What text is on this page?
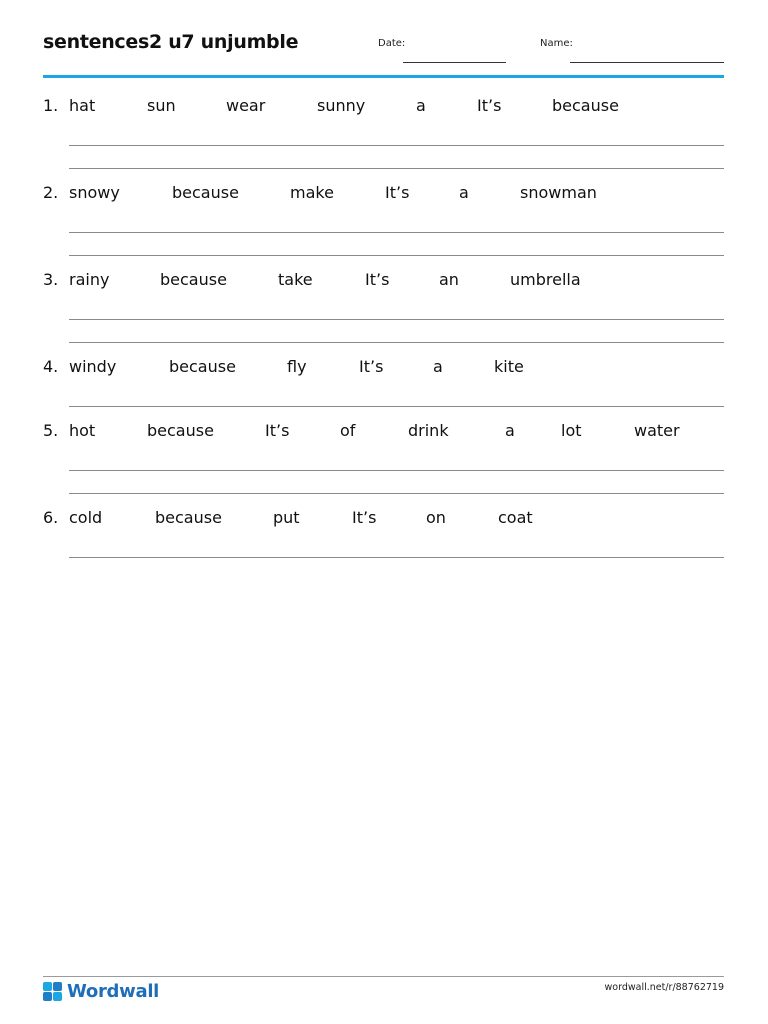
sentences2 u7 unjumble	Date:	Name:
1. hat	sun	wear	sunny	a	It’s	because
2. snowy	because	make	It’s	a	snowman
3. rainy	because	take	It’s	an	umbrella
4. windy	because	fly	It’s	a	kite
5. hot	because	It’s	of	drink	a	lot	water
6. cold	because	put	It’s	on	coat
Wordwall	wordwall.net/r/88762719
